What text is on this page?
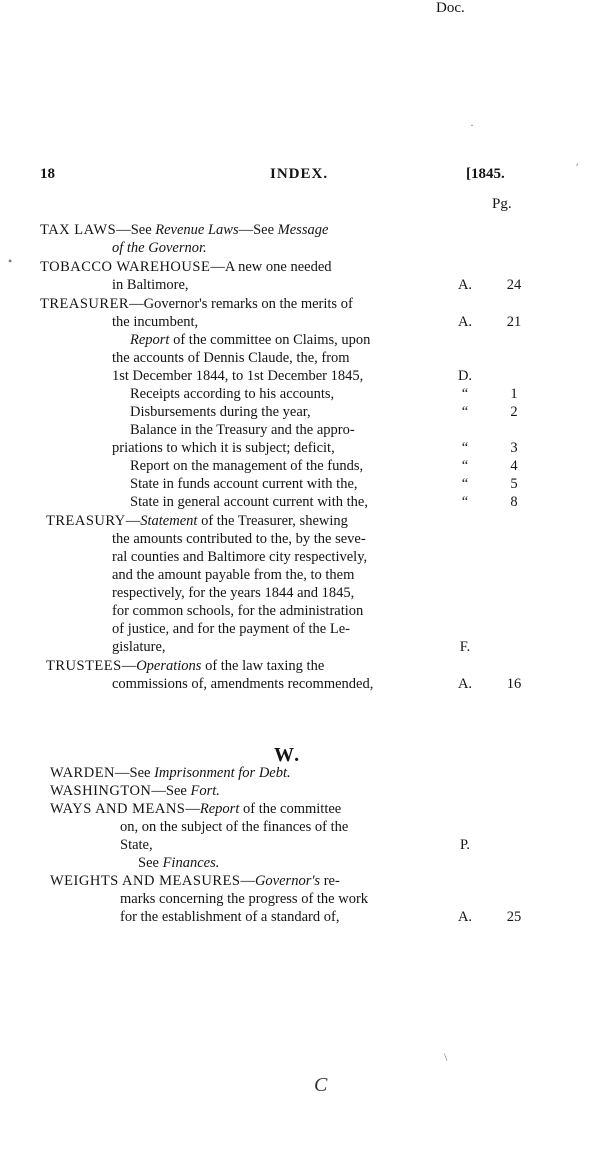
18	INDEX.	[1845.
Doc.
Pg.
TAX LAWS—See Revenue Laws—See Message
of the Governor.
TOBACCO WAREHOUSE—A new one needed
in Baltimore,	A. 24
TREASURER—Governor's remarks on the merits of
the incumbent,	A. 21
Report of the committee on Claims, upon
the accounts of Dennis Claude, the, from
1st December 1844, to 1st December 1845,	D.
Receipts according to his accounts,	“	1
Disbursements during the year,	“	2
Balance in the Treasury and the appro-
priations to which it is subject; deficit,	“	3
Report on the management of the funds,	“	4
State in funds account current with the,	“	5
State in general account current with the,	“	8
TREASURY—Statement of the Treasurer, shewing
the amounts contributed to the, by the seve-
ral counties and Baltimore city respectively,
and the amount payable from the, to them
respectively, for the years 1844 and 1845,
for common schools, for the administration
of justice, and for the payment of the Le-
gislature,	F.
TRUSTEES—Operations of the law taxing the
commissions of, amendments recommended,	A. 16
W.
WARDEN—See Imprisonment for Debt.
WASHINGTON—See Fort.
WAYS AND MEANS—Report of the committee
on, on the subject of the finances of the
State,	P.
See Finances.
WEIGHTS AND MEASURES—Governor's re-
marks concerning the progress of the work
for the establishment of a standard of,	A. 25
·
′
•
\
C
